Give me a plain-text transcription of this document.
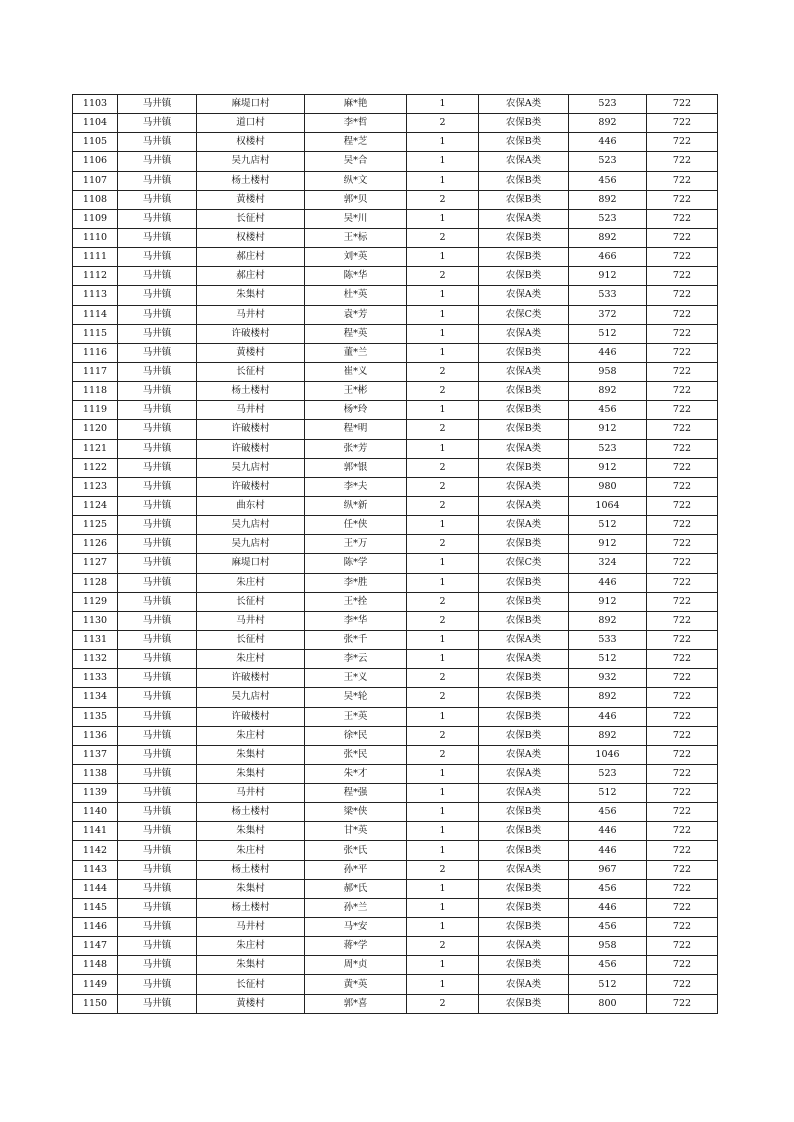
1103	马井镇	麻堤口村	麻*艳	1	农保A类	523	722
1104	马井镇	道口村	李*哲	2	农保B类	892	722
1105	马井镇	权楼村	程*芝	1	农保B类	446	722
1106	马井镇	吴九店村	吴*合	1	农保A类	523	722
1107	马井镇	杨土楼村	纵*文	1	农保B类	456	722
1108	马井镇	黄楼村	郭*贝	2	农保B类	892	722
1109	马井镇	长征村	吴*川	1	农保A类	523	722
1110	马井镇	权楼村	王*标	2	农保B类	892	722
1111	马井镇	郝庄村	刘*英	1	农保B类	466	722
1112	马井镇	郝庄村	陈*华	2	农保B类	912	722
1113	马井镇	朱集村	杜*英	1	农保A类	533	722
1114	马井镇	马井村	袁*芳	1	农保C类	372	722
1115	马井镇	许破楼村	程*英	1	农保A类	512	722
1116	马井镇	黄楼村	董*兰	1	农保B类	446	722
1117	马井镇	长征村	崔*义	2	农保A类	958	722
1118	马井镇	杨土楼村	王*彬	2	农保B类	892	722
1119	马井镇	马井村	杨*玲	1	农保B类	456	722
1120	马井镇	许破楼村	程*明	2	农保B类	912	722
1121	马井镇	许破楼村	张*芳	1	农保A类	523	722
1122	马井镇	吴九店村	郭*银	2	农保B类	912	722
1123	马井镇	许破楼村	李*夫	2	农保A类	980	722
1124	马井镇	曲东村	纵*新	2	农保A类	1064	722
1125	马井镇	吴九店村	任*侠	1	农保A类	512	722
1126	马井镇	吴九店村	王*万	2	农保B类	912	722
1127	马井镇	麻堤口村	陈*学	1	农保C类	324	722
1128	马井镇	朱庄村	李*胜	1	农保B类	446	722
1129	马井镇	长征村	王*拴	2	农保B类	912	722
1130	马井镇	马井村	李*华	2	农保B类	892	722
1131	马井镇	长征村	张*千	1	农保A类	533	722
1132	马井镇	朱庄村	李*云	1	农保A类	512	722
1133	马井镇	许破楼村	王*义	2	农保B类	932	722
1134	马井镇	吴九店村	吴*轮	2	农保B类	892	722
1135	马井镇	许破楼村	王*英	1	农保B类	446	722
1136	马井镇	朱庄村	徐*民	2	农保B类	892	722
1137	马井镇	朱集村	张*民	2	农保A类	1046	722
1138	马井镇	朱集村	朱*才	1	农保A类	523	722
1139	马井镇	马井村	程*强	1	农保A类	512	722
1140	马井镇	杨土楼村	梁*侠	1	农保B类	456	722
1141	马井镇	朱集村	甘*英	1	农保B类	446	722
1142	马井镇	朱庄村	张*氏	1	农保B类	446	722
1143	马井镇	杨土楼村	孙*平	2	农保A类	967	722
1144	马井镇	朱集村	郝*氏	1	农保B类	456	722
1145	马井镇	杨土楼村	孙*兰	1	农保B类	446	722
1146	马井镇	马井村	马*安	1	农保B类	456	722
1147	马井镇	朱庄村	蒋*学	2	农保A类	958	722
1148	马井镇	朱集村	周*贞	1	农保B类	456	722
1149	马井镇	长征村	黄*英	1	农保A类	512	722
1150	马井镇	黄楼村	郭*喜	2	农保B类	800	722
